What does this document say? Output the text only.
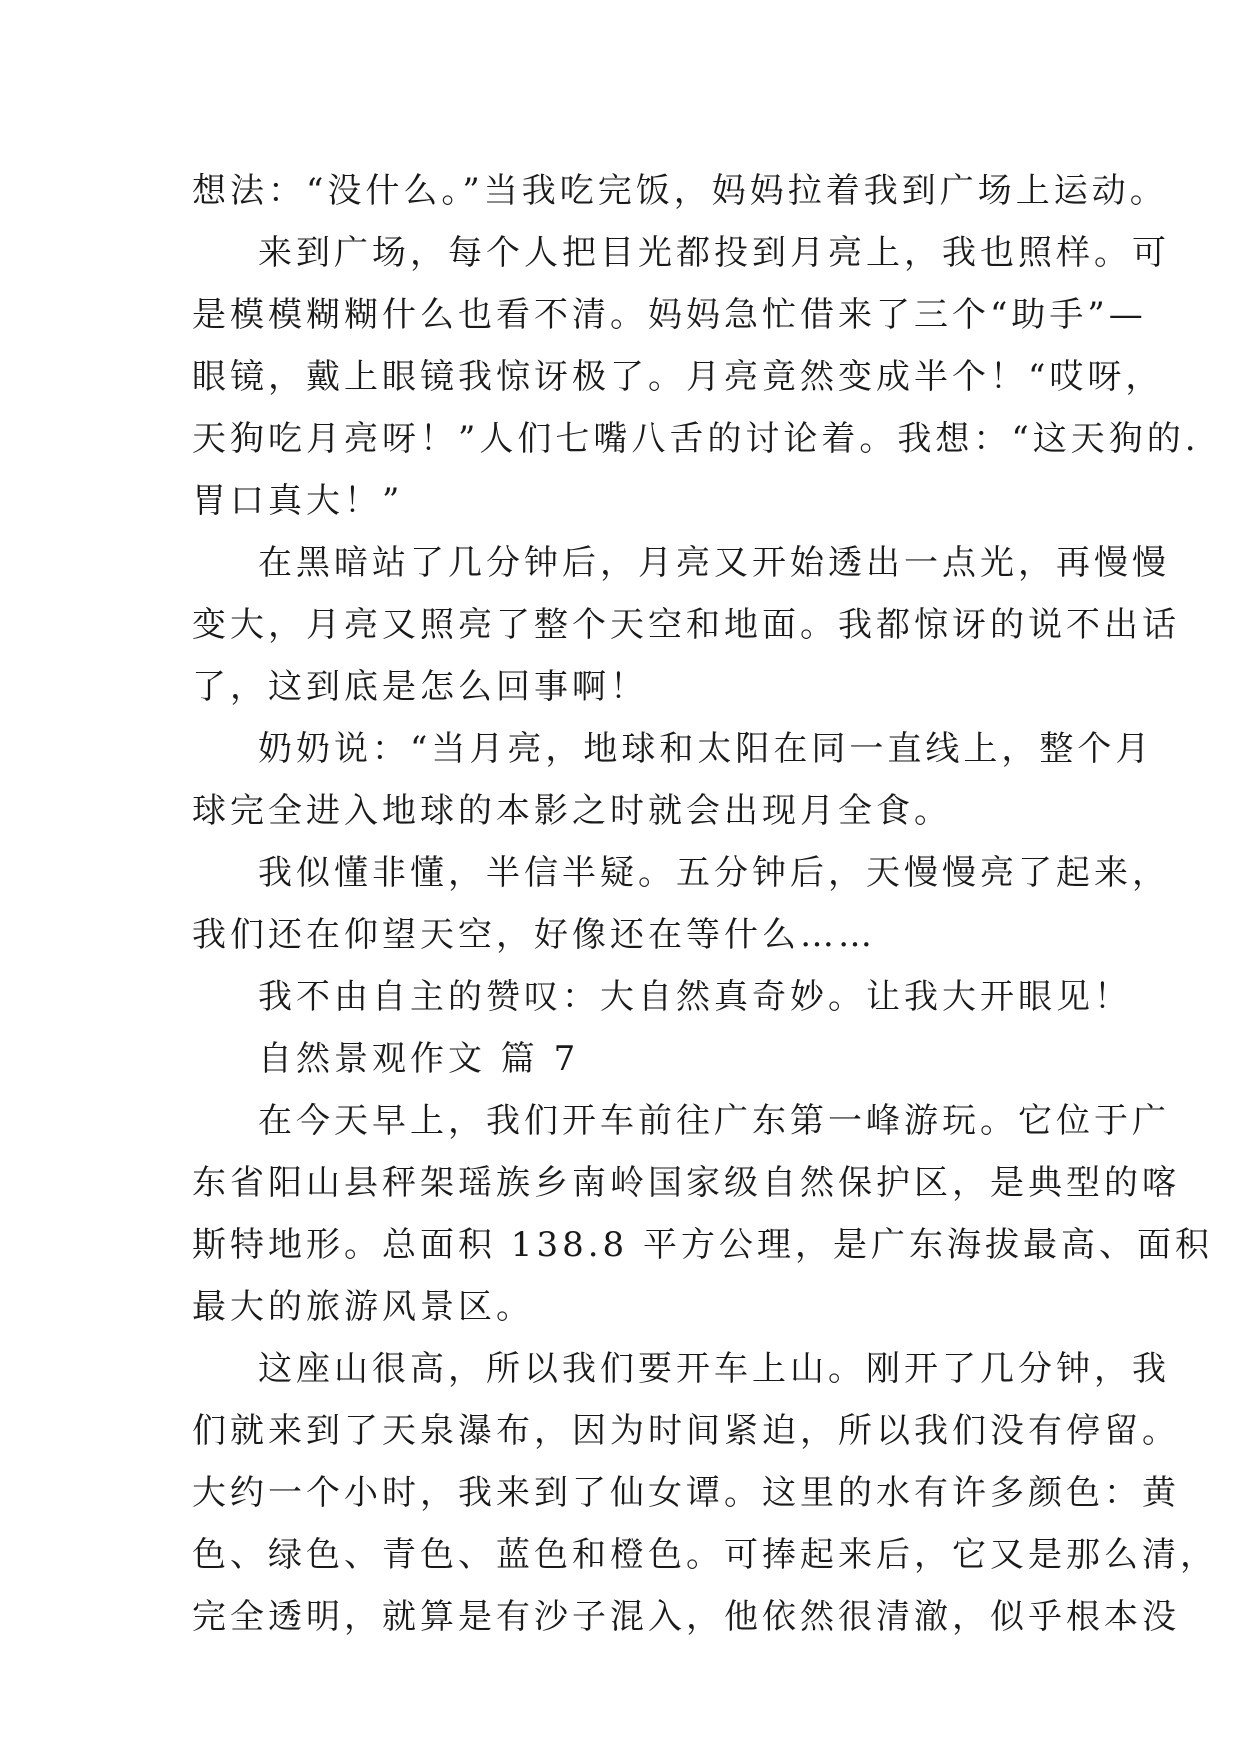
想法：“没什么。”当我吃完饭，妈妈拉着我到广场上运动。
来到广场，每个人把目光都投到月亮上，我也照样。可
是模模糊糊什么也看不清。妈妈急忙借来了三个“助手”—
眼镜，戴上眼镜我惊讶极了。月亮竟然变成半个！“哎呀，
天狗吃月亮呀！”人们七嘴八舌的讨论着。我想：“这天狗的.
胃口真大！”
在黑暗站了几分钟后，月亮又开始透出一点光，再慢慢
变大，月亮又照亮了整个天空和地面。我都惊讶的说不出话
了，这到底是怎么回事啊！
奶奶说：“当月亮，地球和太阳在同一直线上，整个月
球完全进入地球的本影之时就会出现月全食。
我似懂非懂，半信半疑。五分钟后，天慢慢亮了起来，
我们还在仰望天空，好像还在等什么……
我不由自主的赞叹：大自然真奇妙。让我大开眼见！
自然景观作文 篇 7
在今天早上，我们开车前往广东第一峰游玩。它位于广
东省阳山县秤架瑶族乡南岭国家级自然保护区，是典型的喀
斯特地形。总面积 138.8 平方公理，是广东海拔最高、面积
最大的旅游风景区。
这座山很高，所以我们要开车上山。刚开了几分钟，我
们就来到了天泉瀑布，因为时间紧迫，所以我们没有停留。
大约一个小时，我来到了仙女谭。这里的水有许多颜色：黄
色、绿色、青色、蓝色和橙色。可捧起来后，它又是那么清，
完全透明，就算是有沙子混入，他依然很清澈，似乎根本没
